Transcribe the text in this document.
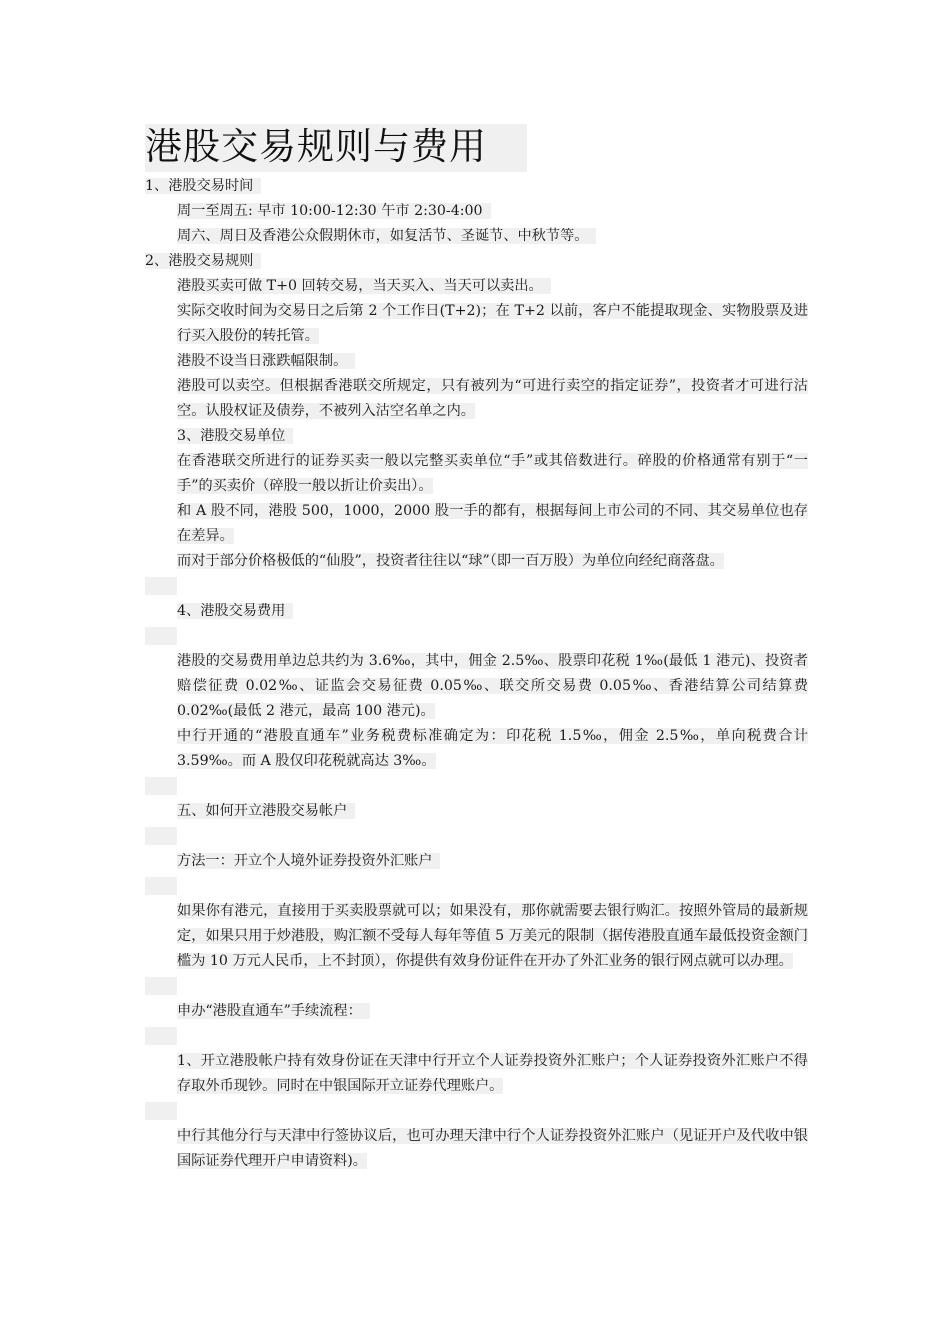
港股交易规则与费用
1、港股交易时间
周一至周五: 早市 10:00-12:30 午市 2:30-4:00
周六、周日及香港公众假期休市，如复活节、圣诞节、中秋节等。
2、港股交易规则
港股买卖可做 T+0 回转交易，当天买入、当天可以卖出。
实际交收时间为交易日之后第 2 个工作日(T+2)；在 T+2 以前，客户不能提取现金、实物股票及进行买入股份的转托管。
港股不设当日涨跌幅限制。
港股可以卖空。但根据香港联交所规定，只有被列为“可进行卖空的指定证券”，投资者才可进行沽空。认股权证及债券，不被列入沽空名单之内。
3、港股交易单位
在香港联交所进行的证券买卖一般以完整买卖单位“手”或其倍数进行。碎股的价格通常有别于“一手”的买卖价（碎股一般以折让价卖出）。
和 A 股不同，港股 500，1000，2000 股一手的都有，根据每间上市公司的不同、其交易单位也存在差异。
而对于部分价格极低的“仙股”，投资者往往以“球”（即一百万股）为单位向经纪商落盘。
4、港股交易费用
港股的交易费用单边总共约为 3.6‰，其中，佣金 2.5‰、股票印花税 1‰(最低 1 港元)、投资者赔偿征费 0.02‰、证监会交易征费 0.05‰、联交所交易费 0.05‰、香港结算公司结算费 0.02‰(最低 2 港元，最高 100 港元)。
中行开通的“港股直通车”业务税费标准确定为：印花税 1.5‰，佣金 2.5‰，单向税费合计 3.59‰。而 A 股仅印花税就高达 3‰。
五、如何开立港股交易帐户
方法一：开立个人境外证券投资外汇账户
如果你有港元，直接用于买卖股票就可以；如果没有，那你就需要去银行购汇。按照外管局的最新规定，如果只用于炒港股，购汇额不受每人每年等值 5 万美元的限制（据传港股直通车最低投资金额门槛为 10 万元人民币，上不封顶），你提供有效身份证件在开办了外汇业务的银行网点就可以办理。
申办“港股直通车”手续流程：
1、开立港股帐户持有效身份证在天津中行开立个人证券投资外汇账户；个人证券投资外汇账户不得存取外币现钞。同时在中银国际开立证券代理账户。
中行其他分行与天津中行签协议后，也可办理天津中行个人证券投资外汇账户（见证开户及代收中银国际证券代理开户申请资料)。
